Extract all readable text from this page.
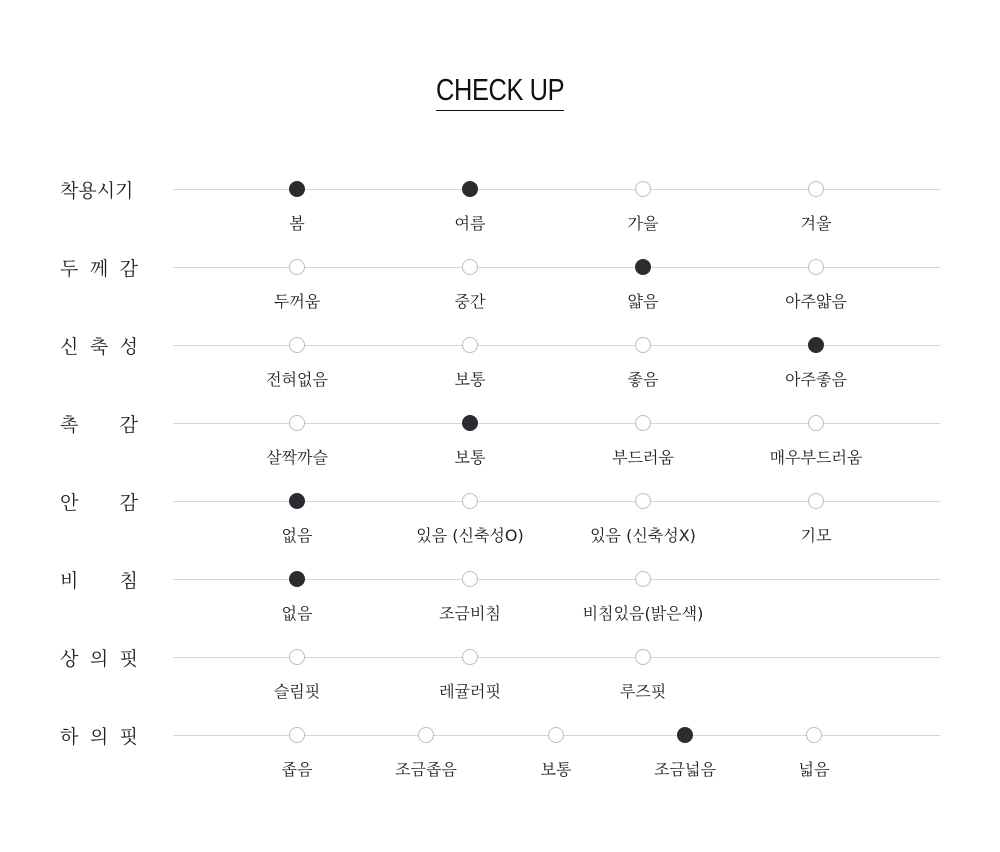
CHECK UP
착용시기
봄	여름	가을	겨울
두 께 감
두꺼움	중간	얇음	아주얇음
신 축 성
전혀없음	보통	좋음	아주좋음
촉 감
살짝까슬	보통	부드러움	매우부드러움
안 감
없음	있음 (신축성O)	있음 (신축성X)	기모
비 침
없음	조금비침	비침있음(밝은색)
상 의 핏
슬림핏	레귤러핏	루즈핏
하 의 핏
좁음	조금좁음	보통	조금넓음	넓음
